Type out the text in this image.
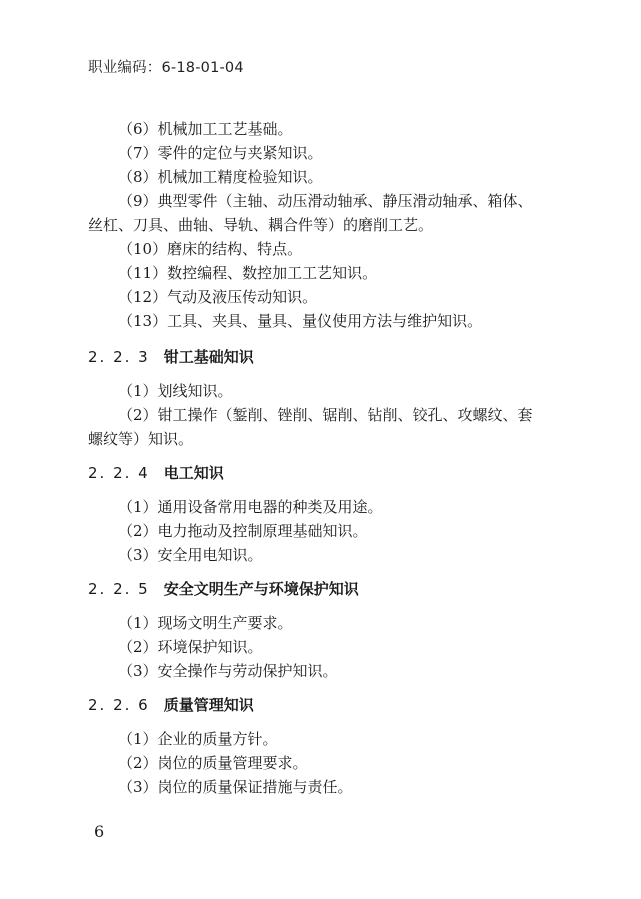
职业编码：6-18-01-04
（6）机械加工工艺基础。
（7）零件的定位与夹紧知识。
（8）机械加工精度检验知识。
（9）典型零件（主轴、动压滑动轴承、静压滑动轴承、箱体、
丝杠、刀具、曲轴、导轨、耦合件等）的磨削工艺。
（10）磨床的结构、特点。
（11）数控编程、数控加工工艺知识。
（12）气动及液压传动知识。
（13）工具、夹具、量具、量仪使用方法与维护知识。
2. 2. 3 钳工基础知识
（1）划线知识。
（2）钳工操作（錾削、锉削、锯削、钻削、铰孔、攻螺纹、套
螺纹等）知识。
2. 2. 4 电工知识
（1）通用设备常用电器的种类及用途。
（2）电力拖动及控制原理基础知识。
（3）安全用电知识。
2. 2. 5 安全文明生产与环境保护知识
（1）现场文明生产要求。
（2）环境保护知识。
（3）安全操作与劳动保护知识。
2. 2. 6 质量管理知识
（1）企业的质量方针。
（2）岗位的质量管理要求。
（3）岗位的质量保证措施与责任。
6
